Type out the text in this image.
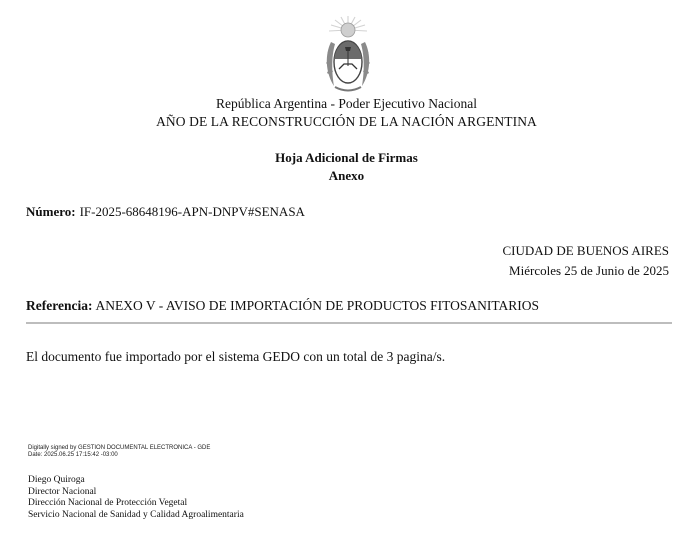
República Argentina - Poder Ejecutivo Nacional
AÑO DE LA RECONSTRUCCIÓN DE LA NACIÓN ARGENTINA
Hoja Adicional de Firmas
Anexo
Número: IF-2025-68648196-APN-DNPV#SENASA
CIUDAD DE BUENOS AIRES
Miércoles 25 de Junio de 2025
Referencia: ANEXO V - AVISO DE IMPORTACIÓN DE PRODUCTOS FITOSANITARIOS
El documento fue importado por el sistema GEDO con un total de 3 pagina/s.
Digitally signed by GESTION DOCUMENTAL ELECTRONICA - GDE
Date: 2025.06.25 17:15:42 -03:00
Diego Quiroga
Director Nacional
Dirección Nacional de Protección Vegetal
Servicio Nacional de Sanidad y Calidad Agroalimentaria
